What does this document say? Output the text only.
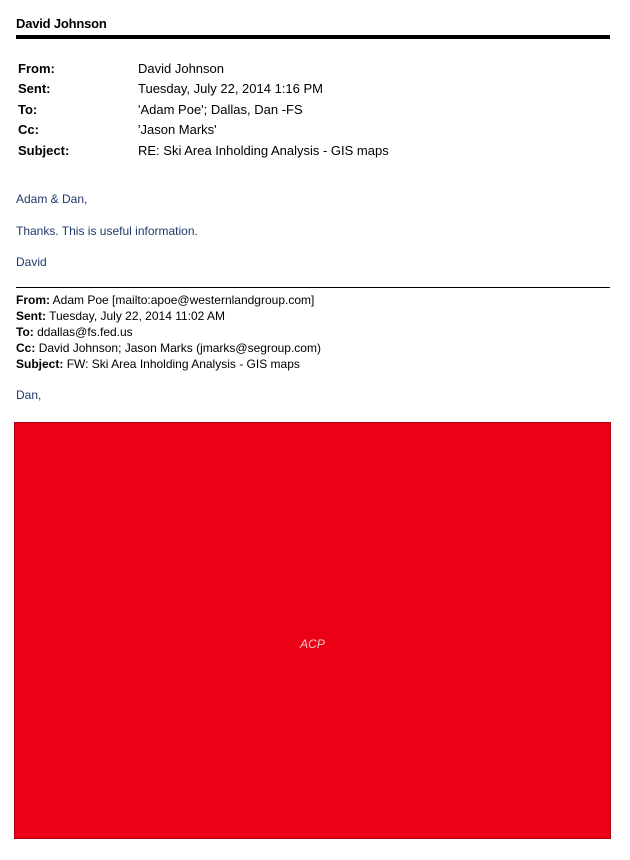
David Johnson
From:	David Johnson
Sent:	Tuesday, July 22, 2014 1:16 PM
To:	'Adam Poe'; Dallas, Dan -FS
Cc:	'Jason Marks'
Subject:	RE: Ski Area Inholding Analysis - GIS maps
Adam & Dan,
Thanks. This is useful information.
David
From: Adam Poe [mailto:apoe@westernlandgroup.com]
Sent: Tuesday, July 22, 2014 11:02 AM
To: ddallas@fs.fed.us
Cc: David Johnson; Jason Marks (jmarks@segroup.com)
Subject: FW: Ski Area Inholding Analysis - GIS maps
Dan,
ACP
